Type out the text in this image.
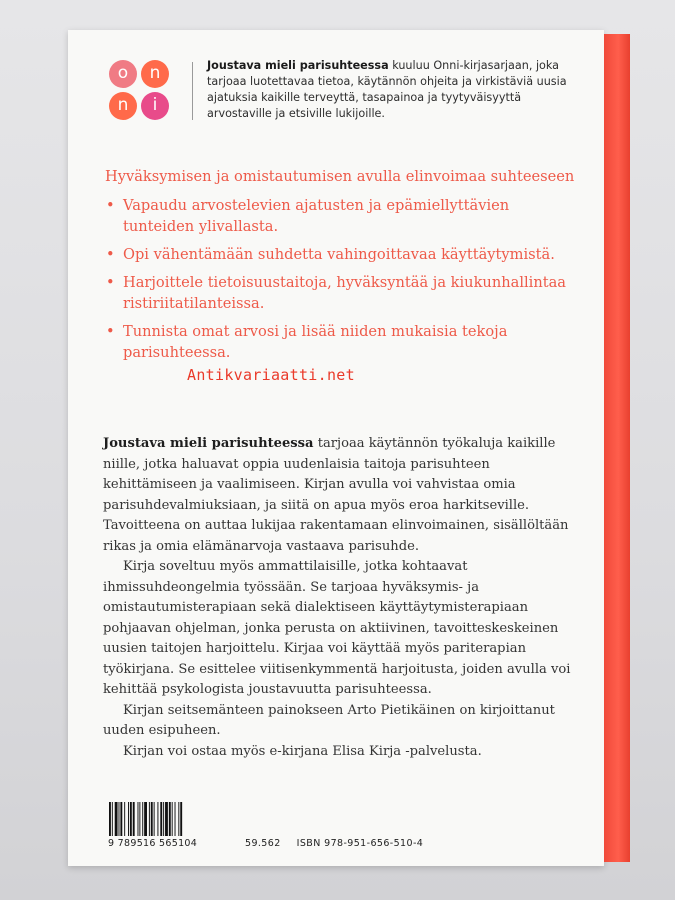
o	n
n	i
Joustava mieli parisuhteessa kuuluu Onni-kirjasarjaan, joka tarjoaa luotettavaa tietoa, käytännön ohjeita ja virkistäviä uusia ajatuksia kaikille terveyttä, tasapainoa ja tyytyväisyyttä arvostaville ja etsiville lukijoille.
Hyväksymisen ja omistautumisen avulla elinvoimaa suhteeseen
• Vapaudu arvostelevien ajatusten ja epämiellyttävien tunteiden ylivallasta.
• Opi vähentämään suhdetta vahingoittavaa käyttäytymistä.
• Harjoittele tietoisuustaitoja, hyväksyntää ja kiukunhallintaa ristiriitatilanteissa.
• Tunnista omat arvosi ja lisää niiden mukaisia tekoja parisuhteessa.

Joustava mieli parisuhteessa tarjoaa käytännön työkaluja kaikille niille, jotka haluavat oppia uudenlaisia taitoja parisuhteen kehittämiseen ja vaalimiseen. Kirjan avulla voi vahvistaa omia parisuhdevalmiuksiaan, ja siitä on apua myös eroa harkitseville. Tavoitteena on auttaa lukijaa rakentamaan elinvoimainen, sisällöltään rikas ja omia elämänarvoja vastaava parisuhde.

Kirja soveltuu myös ammattilaisille, jotka kohtaavat ihmissuhdeongelmia työssään. Se tarjoaa hyväksymis- ja omistautumisterapiaan sekä dialektiseen käyttäytymisterapiaan pohjaavan ohjelman, jonka perusta on aktiivinen, tavoitteskeskeinen uusien taitojen harjoittelu. Kirjaa voi käyttää myös pariterapian työkirjana. Se esittelee viitisenkymmentä harjoitusta, joiden avulla voi kehittää psykologista joustavuutta parisuhteessa.

Kirjan seitsemänteen painokseen Arto Pietikäinen on kirjoittanut uuden esipuheen.

Kirjan voi ostaa myös e-kirjana Elisa Kirja -palvelusta.

9 789516 565104	59.562 ISBN 978-951-656-510-4
Antikvariaatti.net
